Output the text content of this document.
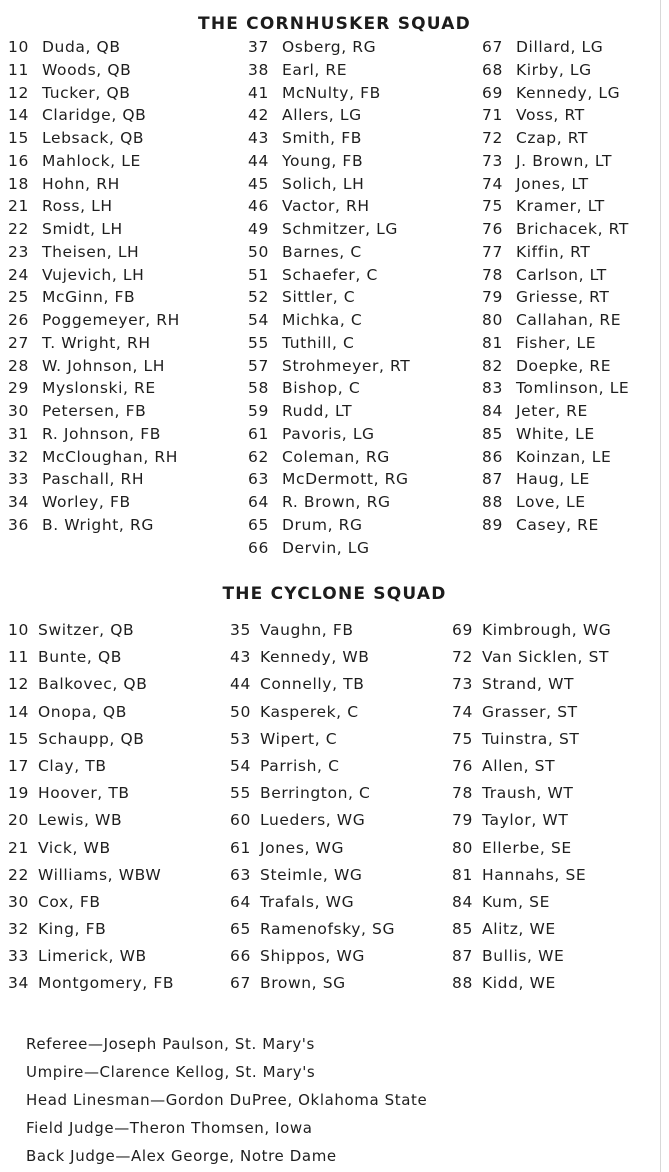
THE CORNHUSKER SQUAD
10 Duda, QB
11 Woods, QB
12 Tucker, QB
14 Claridge, QB
15 Lebsack, QB
16 Mahlock, LE
18 Hohn, RH
21 Ross, LH
22 Smidt, LH
23 Theisen, LH
24 Vujevich, LH
25 McGinn, FB
26 Poggemeyer, RH
27 T. Wright, RH
28 W. Johnson, LH
29 Myslonski, RE
30 Petersen, FB
31 R. Johnson, FB
32 McCloughan, RH
33 Paschall, RH
34 Worley, FB
36 B. Wright, RG
37 Osberg, RG
38 Earl, RE
41 McNulty, FB
42 Allers, LG
43 Smith, FB
44 Young, FB
45 Solich, LH
46 Vactor, RH
49 Schmitzer, LG
50 Barnes, C
51 Schaefer, C
52 Sittler, C
54 Michka, C
55 Tuthill, C
57 Strohmeyer, RT
58 Bishop, C
59 Rudd, LT
61 Pavoris, LG
62 Coleman, RG
63 McDermott, RG
64 R. Brown, RG
65 Drum, RG
66 Dervin, LG
67 Dillard, LG
68 Kirby, LG
69 Kennedy, LG
71 Voss, RT
72 Czap, RT
73 J. Brown, LT
74 Jones, LT
75 Kramer, LT
76 Brichacek, RT
77 Kiffin, RT
78 Carlson, LT
79 Griesse, RT
80 Callahan, RE
81 Fisher, LE
82 Doepke, RE
83 Tomlinson, LE
84 Jeter, RE
85 White, LE
86 Koinzan, LE
87 Haug, LE
88 Love, LE
89 Casey, RE
THE CYCLONE SQUAD
10 Switzer, QB
11 Bunte, QB
12 Balkovec, QB
14 Onopa, QB
15 Schaupp, QB
17 Clay, TB
19 Hoover, TB
20 Lewis, WB
21 Vick, WB
22 Williams, WBW
30 Cox, FB
32 King, FB
33 Limerick, WB
34 Montgomery, FB
35 Vaughn, FB
43 Kennedy, WB
44 Connelly, TB
50 Kasperek, C
53 Wipert, C
54 Parrish, C
55 Berrington, C
60 Lueders, WG
61 Jones, WG
63 Steimle, WG
64 Trafals, WG
65 Ramenofsky, SG
66 Shippos, WG
67 Brown, SG
69 Kimbrough, WG
72 Van Sicklen, ST
73 Strand, WT
74 Grasser, ST
75 Tuinstra, ST
76 Allen, ST
78 Traush, WT
79 Taylor, WT
80 Ellerbe, SE
81 Hannahs, SE
84 Kum, SE
85 Alitz, WE
87 Bullis, WE
88 Kidd, WE
Referee—Joseph Paulson, St. Mary's
Umpire—Clarence Kellog, St. Mary's
Head Linesman—Gordon DuPree, Oklahoma State
Field Judge—Theron Thomsen, Iowa
Back Judge—Alex George, Notre Dame
